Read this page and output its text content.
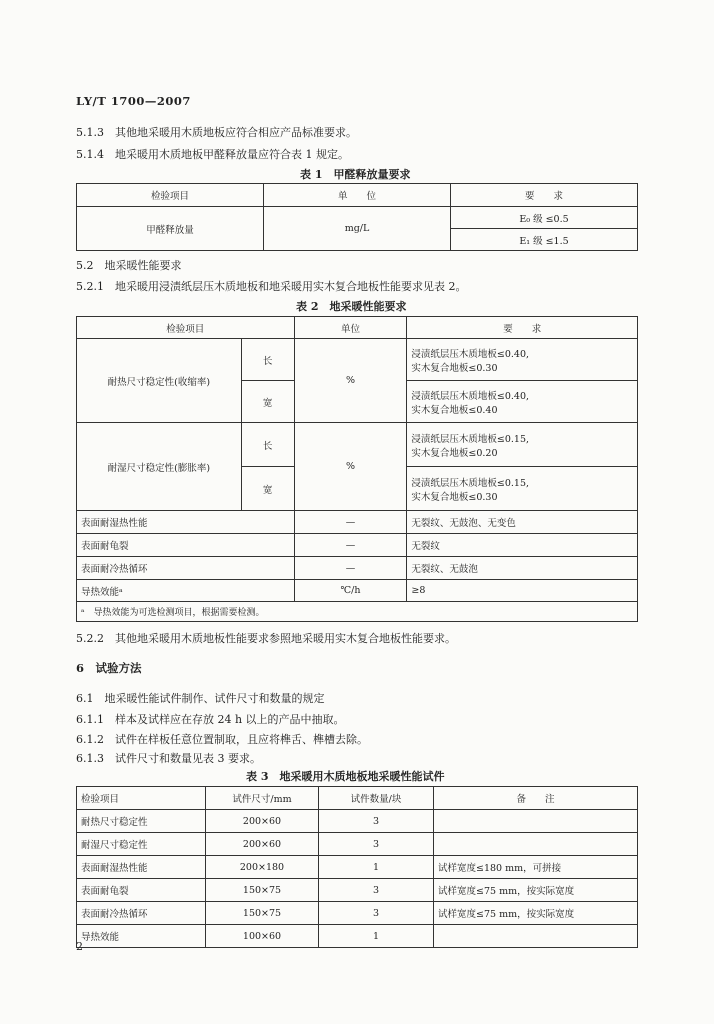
LY/T 1700—2007
5.1.3　其他地采暖用木质地板应符合相应产品标准要求。
5.1.4　地采暖用木质地板甲醛释放量应符合表 1 规定。
表 1　甲醛释放量要求
检验项目	单　　位	要　　求
甲醛释放量	mg/L	E₀ 级 ≤0.5
		E₁ 级 ≤1.5
5.2　地采暖性能要求
5.2.1　地采暖用浸渍纸层压木质地板和地采暖用实木复合地板性能要求见表 2。
表 2　地采暖性能要求
检验项目		单位	要　　求
耐热尺寸稳定性(收缩率)	长	%	浸渍纸层压木质地板≤0.40,
实木复合地板≤0.30

	宽		浸渍纸层压木质地板≤0.40,
实木复合地板≤0.40

耐湿尺寸稳定性(膨胀率)	长	%	浸渍纸层压木质地板≤0.15,
实木复合地板≤0.20

	宽		浸渍纸层压木质地板≤0.15,
实木复合地板≤0.30

表面耐湿热性能		—	无裂纹、无鼓泡、无变色
表面耐龟裂		—	无裂纹
表面耐冷热循环		—	无裂纹、无鼓泡
导热效能ᵃ		℃/h	≥8
ᵃ　导热效能为可选检测项目，根据需要检测。			
5.2.2　其他地采暖用木质地板性能要求参照地采暖用实木复合地板性能要求。
6　试验方法
6.1　地采暖性能试件制作、试件尺寸和数量的规定
6.1.1　样本及试样应在存放 24 h 以上的产品中抽取。
6.1.2　试件在样板任意位置制取，且应将榫舌、榫槽去除。
6.1.3　试件尺寸和数量见表 3 要求。
表 3　地采暖用木质地板地采暖性能试件
检验项目	试件尺寸/mm	试件数量/块	备　　注
耐热尺寸稳定性	200×60	3	
耐湿尺寸稳定性	200×60	3	
表面耐湿热性能	200×180	1	试样宽度≤180 mm，可拼接
表面耐龟裂	150×75	3	试样宽度≤75 mm，按实际宽度
表面耐冷热循环	150×75	3	试样宽度≤75 mm，按实际宽度
导热效能	100×60	1	
2
